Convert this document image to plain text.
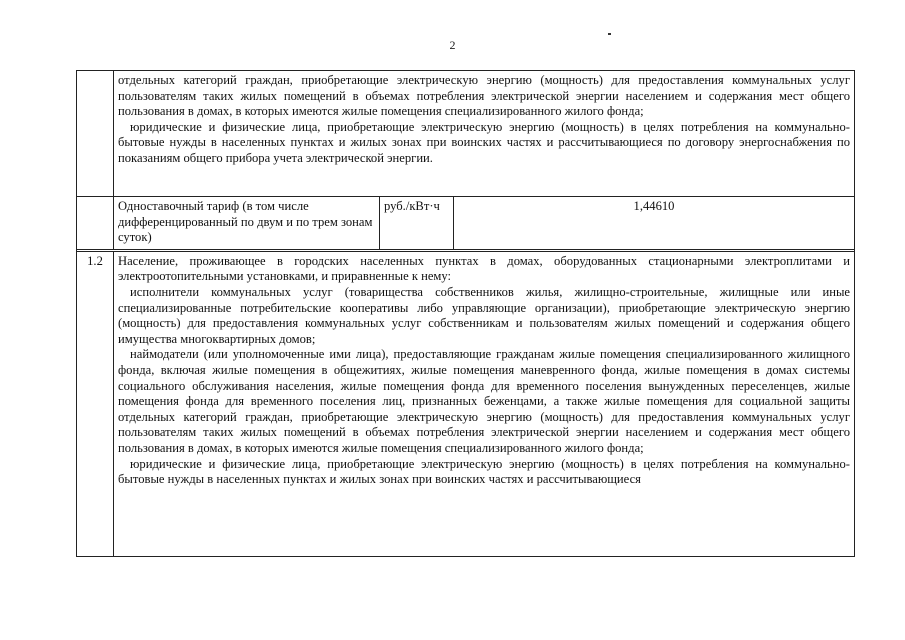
2

	отдельных категорий граждан, приобретающие электрическую энергию (мощность) для предоставления коммунальных услуг пользователям таких жилых помещений в объемах потребления электрической энергии населением и содержания мест общего пользования в домах, в которых имеются жилые помещения специализированного жилого фонда;

юридические и физические лица, приобретающие электрическую энергию (мощность) в целях потребления на коммунально-бытовые нужды в населенных пунктах и жилых зонах при воинских частях и рассчитывающиеся по договору энергоснабжения по показаниям общего прибора учета электрической энергии.		

	Одноставочный тариф (в том числе дифференцированный по двум и по трем зонам суток)	руб./кВт·ч	1,44610

1.2	Население, проживающее в городских населенных пунктах в домах, оборудованных стационарными электроплитами и электроотопительными установками, и приравненные к нему:

исполнители коммунальных услуг (товарищества собственников жилья, жилищно-строительные, жилищные или иные специализированные потребительские кооперативы либо управляющие организации), приобретающие электрическую энергию (мощность) для предоставления коммунальных услуг собственникам и пользователям жилых помещений и содержания общего имущества многоквартирных домов;

наймодатели (или уполномоченные ими лица), предоставляющие гражданам жилые помещения специализированного жилищного фонда, включая жилые помещения в общежитиях, жилые помещения маневренного фонда, жилые помещения в домах системы социального обслуживания населения, жилые помещения фонда для временного поселения вынужденных переселенцев, жилые помещения фонда для временного поселения лиц, признанных беженцами, а также жилые помещения для социальной защиты отдельных категорий граждан, приобретающие электрическую энергию (мощность) для предоставления коммунальных услуг пользователям таких жилых помещений в объемах потребления электрической энергии населением и содержания мест общего пользования в домах, в которых имеются жилые помещения специализированного жилого фонда;

юридические и физические лица, приобретающие электрическую энергию (мощность) в целях потребления на коммунально-бытовые нужды в населенных пунктах и жилых зонах при воинских частях и рассчитывающиеся		
